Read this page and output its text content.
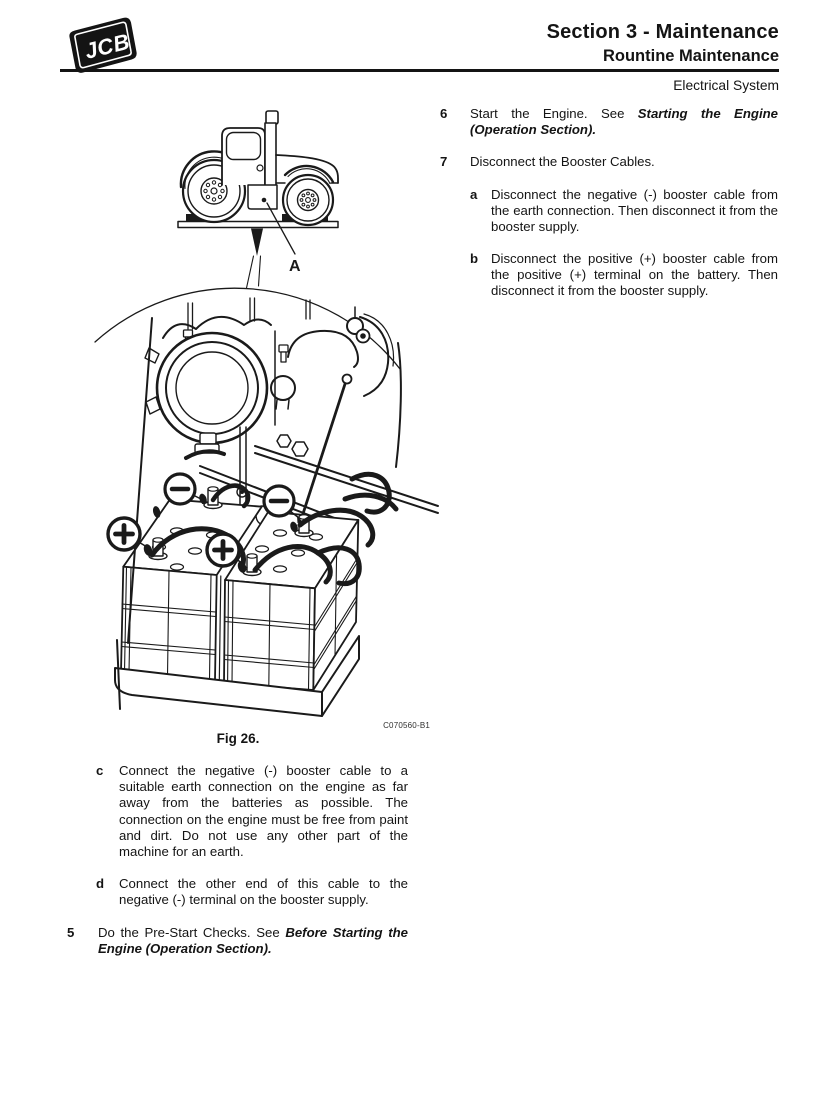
JCB	Section 3 - Maintenance
Rountine Maintenance
Electrical System
A
C070560-B1
Fig 26.
c	Connect the negative (-) booster cable to a suitable earth connection on the engine as far away from the batteries as possible. The connection on the engine must be free from paint and dirt. Do not use any other part of the machine for an earth.
d	Connect the other end of this cable to the negative (-) terminal on the booster supply.
5	Do the Pre-Start Checks. See Before Starting the Engine (Operation Section).
6	Start the Engine. See Starting the Engine (Operation Section).
7	Disconnect the Booster Cables.
a	Disconnect the negative (-) booster cable from the earth connection. Then disconnect it from the booster supply.
b Disconnect the positive (+) booster cable from the positive (+) terminal on the battery. Then disconnect it from the booster supply.
